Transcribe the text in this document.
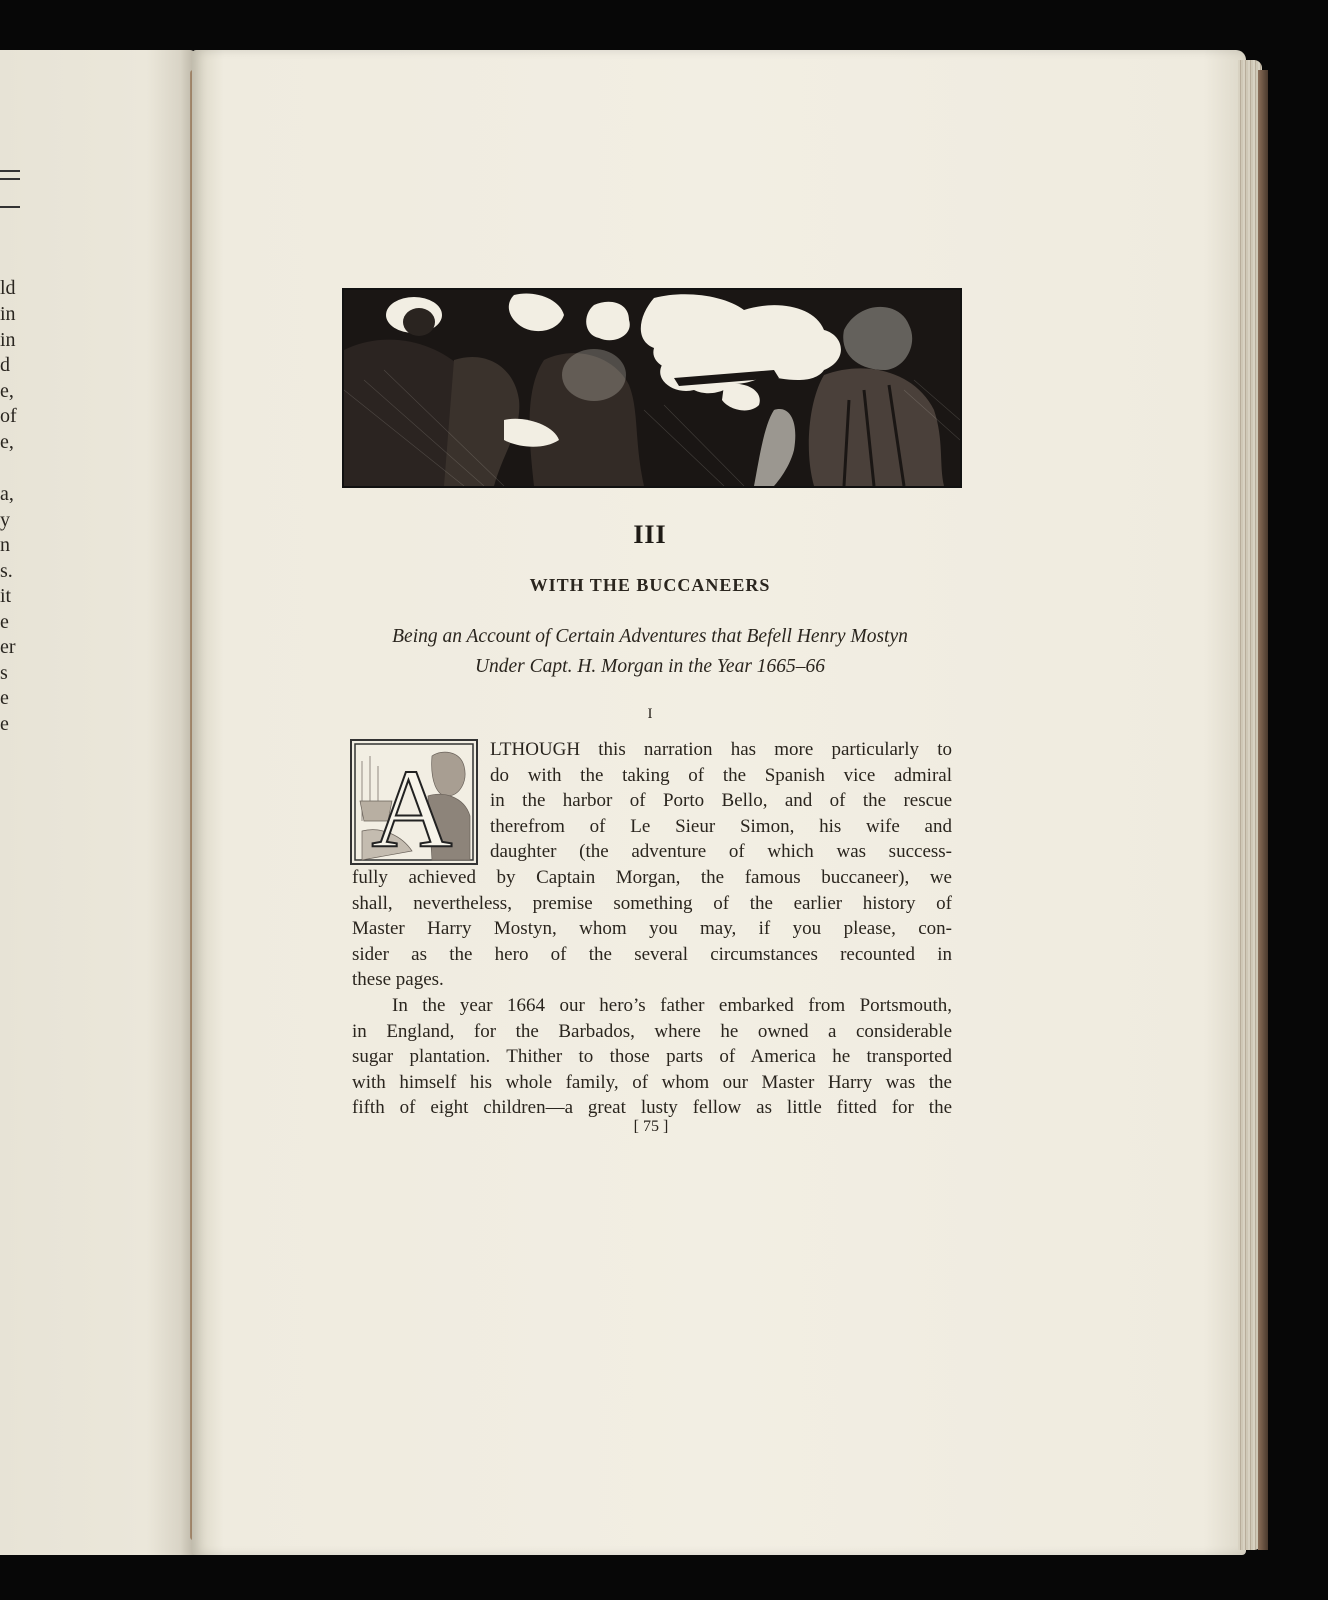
ld
in
in
d
e,
of
e,
a,
y
n
s.
it
e
er
s
e
e
III
WITH THE BUCCANEERS
Being an Account of Certain Adventures that Befell Henry Mostyn
Under Capt. H. Morgan in the Year 1665–66
I
A	LTHOUGH this narration has more particularly to
do with the taking of the Spanish vice admiral
in the harbor of Porto Bello, and of the rescue
therefrom of Le Sieur Simon, his wife and
daughter (the adventure of which was success-
fully achieved by Captain Morgan, the famous buccaneer), we
shall, nevertheless, premise something of the earlier history of
Master Harry Mostyn, whom you may, if you please, con-
sider as the hero of the several circumstances recounted in
these pages.
In the year 1664 our hero’s father embarked from Portsmouth,
in England, for the Barbados, where he owned a considerable
sugar plantation. Thither to those parts of America he transported
with himself his whole family, of whom our Master Harry was the
fifth of eight children—a great lusty fellow as little fitted for the
[ 75 ]
